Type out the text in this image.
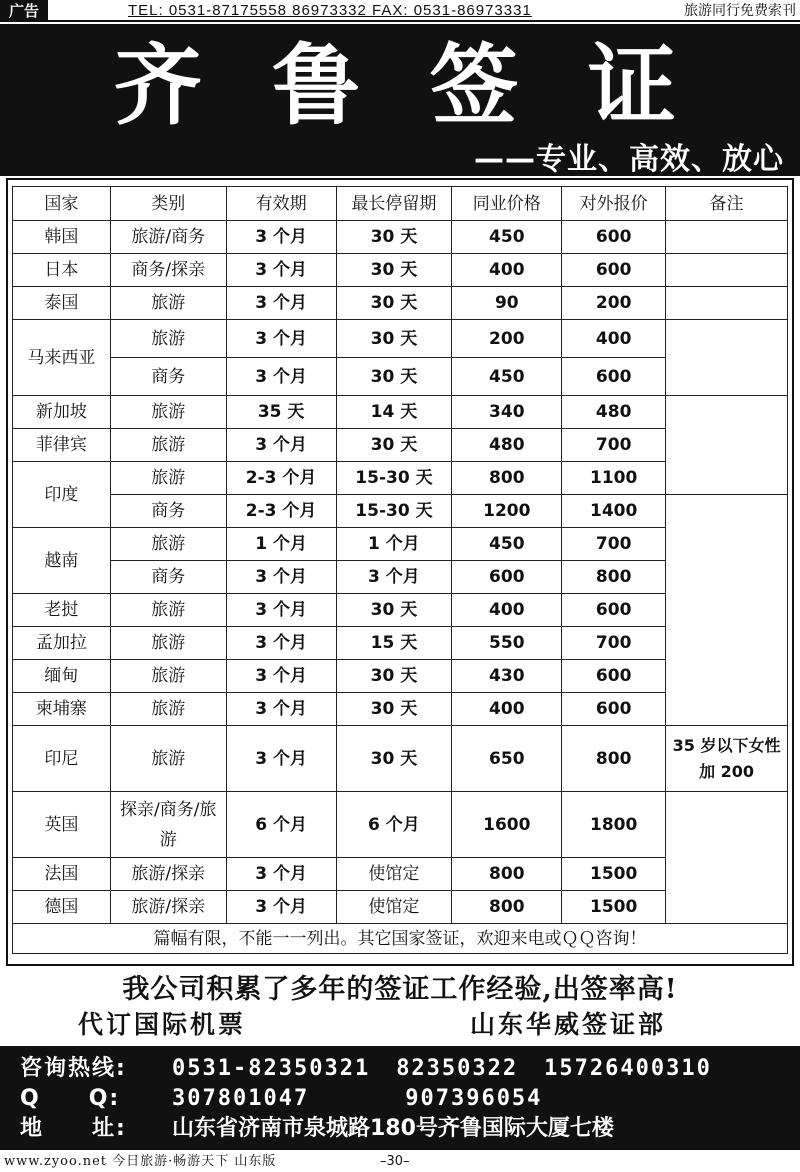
广告	TEL: 0531-87175558 86973332 FAX: 0531-86973331	旅游同行免费索刊
齐鲁签证
——专业、高效、放心
国家	类别	有效期	最长停留期	同业价格	对外报价	备注
韩国	旅游/商务	3 个月	30 天	450	600	
日本	商务/探亲	3 个月	30 天	400	600	
泰国	旅游	3 个月	30 天	90	200	
马来西亚	旅游	3 个月	30 天	200	400	
	商务	3 个月	30 天	450	600	
新加坡	旅游	35 天	14 天	340	480	
菲律宾	旅游	3 个月	30 天	480	700	
印度	旅游	2-3 个月	15-30 天	800	1100	
	商务	2-3 个月	15-30 天	1200	1400	
越南	旅游	1 个月	1 个月	450	700	
	商务	3 个月	3 个月	600	800	
老挝	旅游	3 个月	30 天	400	600	
孟加拉	旅游	3 个月	15 天	550	700	
缅甸	旅游	3 个月	30 天	430	600	
柬埔寨	旅游	3 个月	30 天	400	600	
印尼	旅游	3 个月	30 天	650	800	35 岁以下女性加 200
英国	探亲/商务/旅游	6 个月	6 个月	1600	1800	
法国	旅游/探亲	3 个月	使馆定	800	1500	
德国	旅游/探亲	3 个月	使馆定	800	1500	
篇幅有限，不能一一列出。其它国家签证，欢迎来电或ＱＱ咨询！						
我公司积累了多年的签证工作经验,出签率高!
代订国际机票	山东华威签证部
咨询热线: 0531-82350321 82350322 15726400310
Q　　Q: 307801047	907396054
地　　址: 山东省济南市泉城路180号齐鲁国际大厦七楼
www.zyoo.net 今日旅游·畅游天下 山东版	–30–
